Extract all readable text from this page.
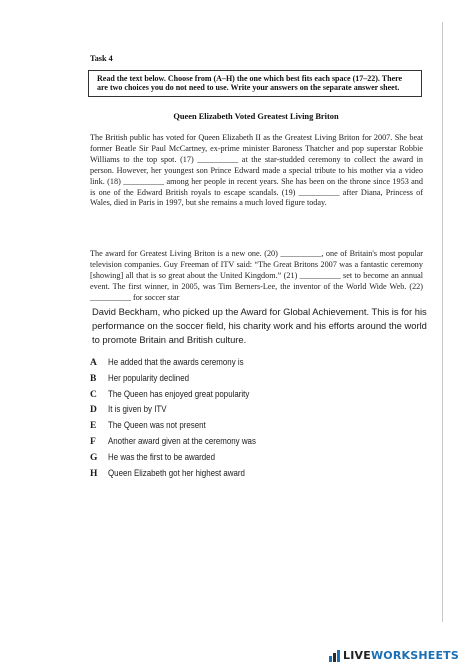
Task 4
Read the text below. Choose from (A–H) the one which best fits each space (17–22). There are two choices you do not need to use. Write your answers on the separate answer sheet.
Queen Elizabeth Voted Greatest Living Briton
The British public has voted for Queen Elizabeth II as the Greatest Living Briton for 2007. She beat former Beatle Sir Paul McCartney, ex-prime minister Baroness Thatcher and pop superstar Robbie Williams to the top spot. (17) __________ at the star-studded ceremony to collect the award in person. However, her youngest son Prince Edward made a special tribute to his mother via a video link. (18) __________ among her people in recent years. She has been on the throne since 1953 and is one of the Edward British royals to escape scandals. (19) __________ after Diana, Princess of Wales, died in Paris in 1997, but she remains a much loved figure today.
The award for Greatest Living Briton is a new one. (20) __________, one of Britain's most popular television companies. Guy Freeman of ITV said: “The Great Britons 2007 was a fantastic ceremony [showing] all that is so great about the United Kingdom.” (21) __________ set to become an annual event. The first winner, in 2005, was Tim Berners-Lee, the inventor of the World Wide Web. (22) __________ for soccer star
David Beckham, who picked up the Award for Global Achievement. This is for his performance on the soccer field, his charity work and his efforts around the world to promote Britain and British culture.
A	He added that the awards ceremony is
B	Her popularity declined
C	The Queen has enjoyed great popularity
D	It is given by ITV
E	The Queen was not present
F	Another award given at the ceremony was
G	He was the first to be awarded
H	Queen Elizabeth got her highest award
LIVEWORKSHEETS
